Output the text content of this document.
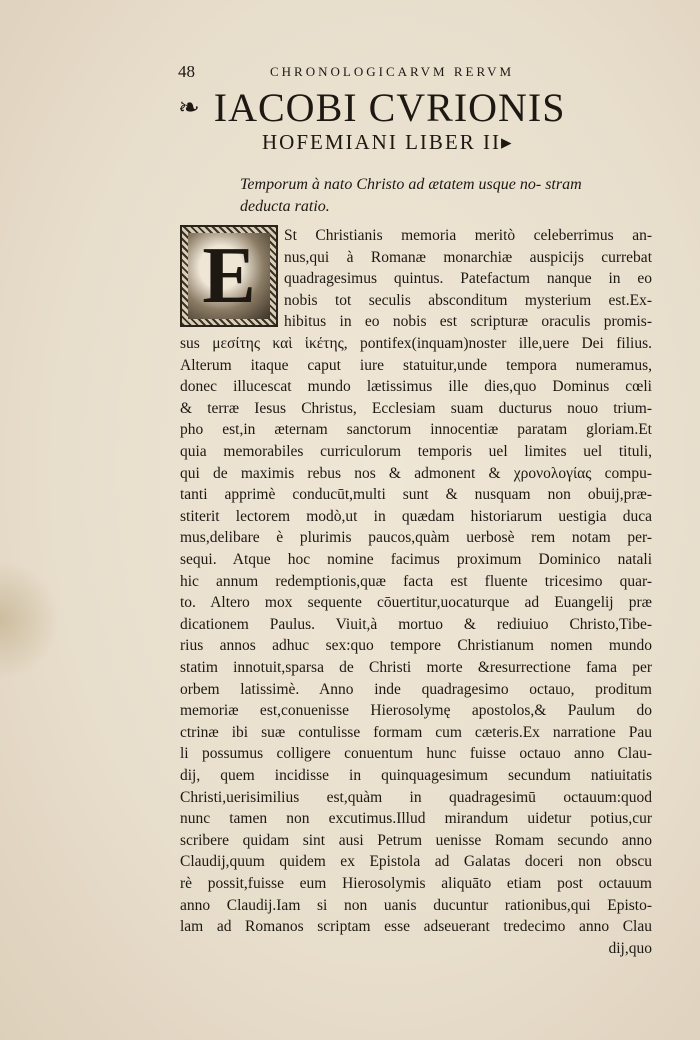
48	CHRONOLOGICARVM RERVM
❧ IACOBI CVRIONIS
HOFEMIANI LIBER II▸
Temporum à nato Christo ad ætatem usque no- stram deducta ratio.
St Christianis memoria meritò celeberrimus an-
nus,qui à Romanæ monarchiæ auspicijs currebat
quadragesimus quintus. Patefactum nanque in eo
nobis tot seculis absconditum mysterium est.Ex-
hibitus in eo nobis est scripturæ oraculis promis-
sus μεσίτης καὶ ἱκέτης, pontifex(inquam)noster ille,uere Dei filius.
Alterum itaque caput iure statuitur,unde tempora numeramus,
donec illucescat mundo lætissimus ille dies,quo Dominus cœli
& terræ Iesus Christus, Ecclesiam suam ducturus nouo trium-
pho est,in æternam sanctorum innocentiæ paratam gloriam.Et
quia memorabiles curriculorum temporis uel limites uel tituli,
qui de maximis rebus nos & admonent & χρονολογίας compu-
tanti apprimè conducūt,multi sunt & nusquam non obuij,præ-
stiterit lectorem modò,ut in quædam historiarum uestigia duca
mus,delibare è plurimis paucos,quàm uerbosè rem notam per-
sequi. Atque hoc nomine facimus proximum Dominico natali
hic annum redemptionis,quæ facta est fluente tricesimo quar-
to. Altero mox sequente cōuertitur,uocaturque ad Euangelij præ
dicationem Paulus. Viuit,à mortuo & rediuiuo Christo,Tibe-
rius annos adhuc sex:quo tempore Christianum nomen mundo
statim innotuit,sparsa de Christi morte &resurrectione fama per
orbem latissimè. Anno inde quadragesimo octauo, proditum
memoriæ est,conuenisse Hierosolymę apostolos,& Paulum do
ctrinæ ibi suæ contulisse formam cum cæteris.Ex narratione Pau
li possumus colligere conuentum hunc fuisse octauo anno Clau-
dij, quem incidisse in quinquagesimum secundum natiuitatis
Christi,uerisimilius est,quàm in quadragesimū octauum:quod
nunc tamen non excutimus.Illud mirandum uidetur potius,cur
scribere quidam sint ausi Petrum uenisse Romam secundo anno
Claudij,quum quidem ex Epistola ad Galatas doceri non obscu
rè possit,fuisse eum Hierosolymis aliquāto etiam post octauum
anno Claudij.Iam si non uanis ducuntur rationibus,qui Episto-
lam ad Romanos scriptam esse adseuerant tredecimo anno Clau
dij,quo
E
